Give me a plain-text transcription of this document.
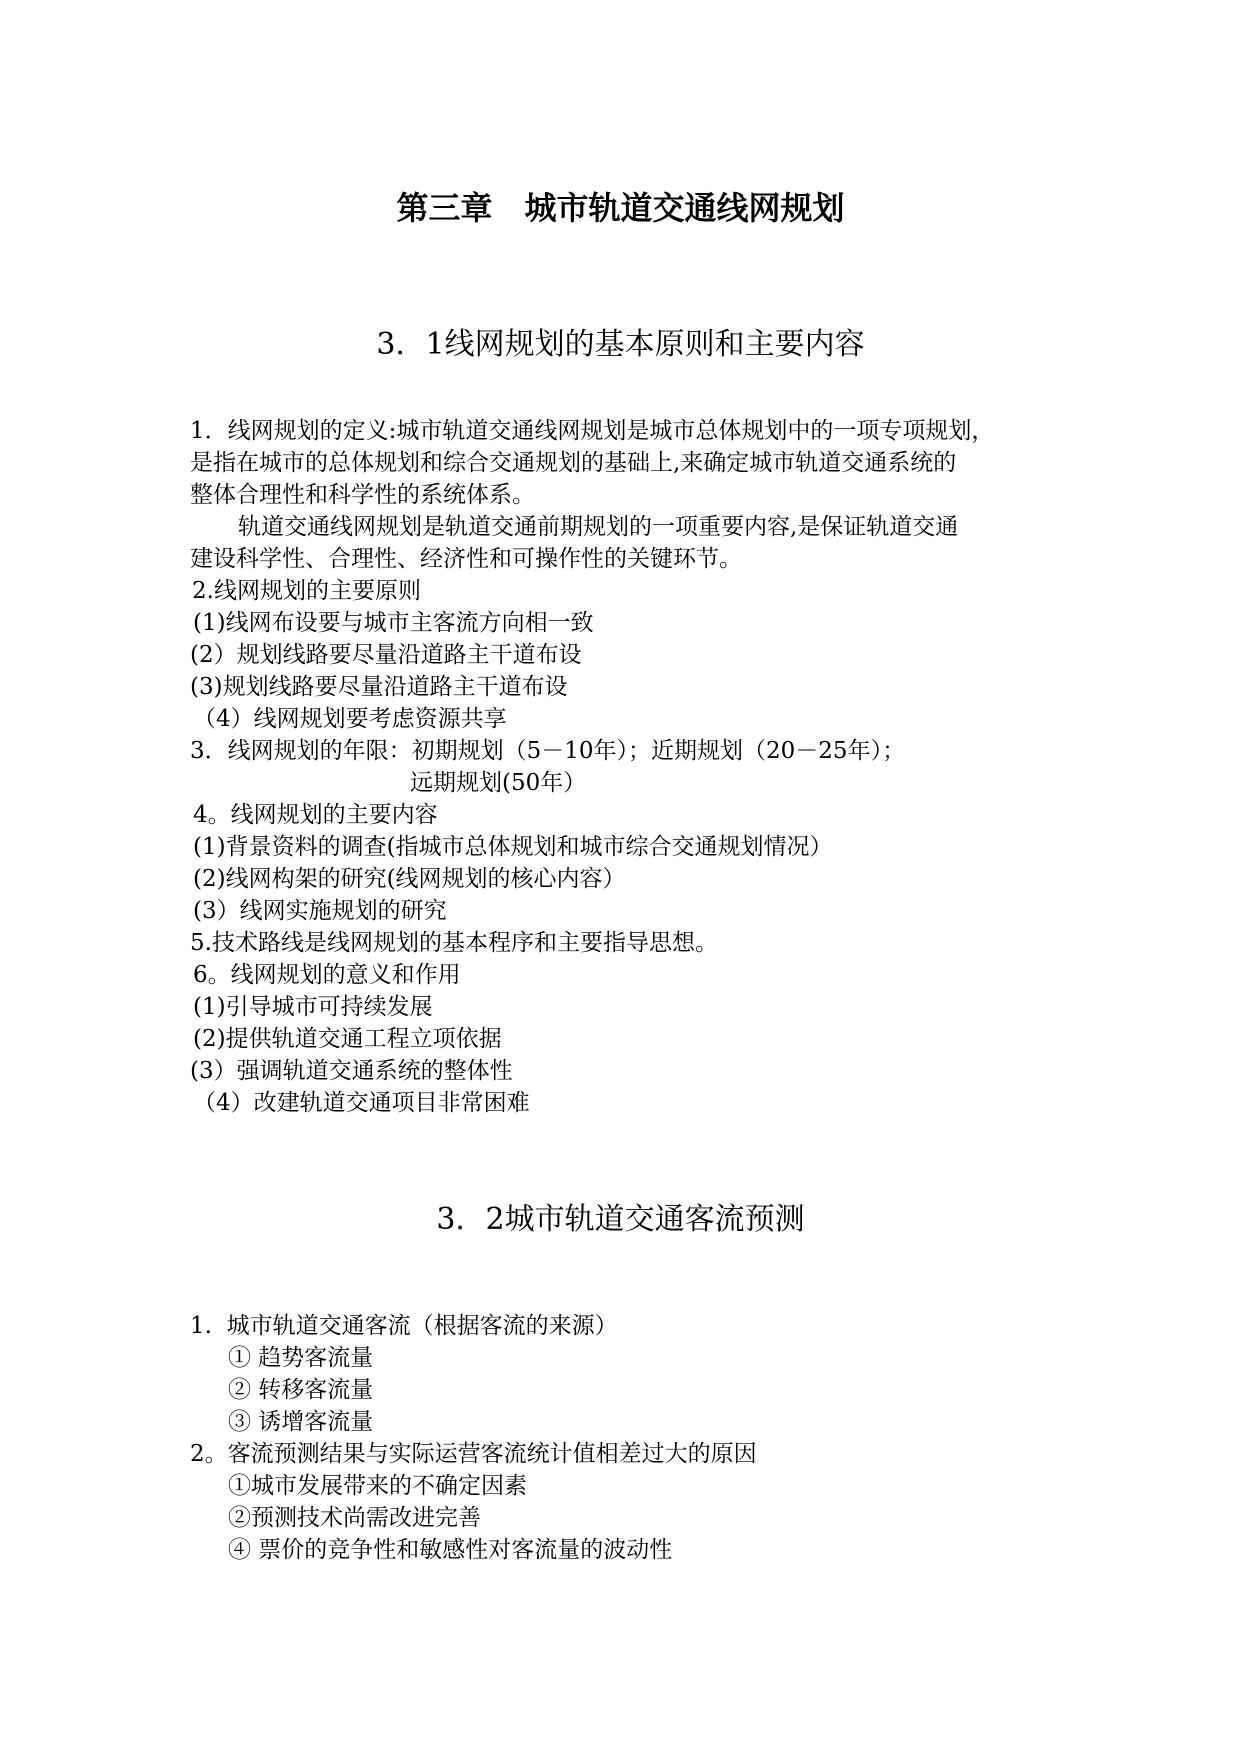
第三章　城市轨道交通线网规划
3．1线网规划的基本原则和主要内容
1．线网规划的定义:城市轨道交通线网规划是城市总体规划中的一项专项规划，
是指在城市的总体规划和综合交通规划的基础上,来确定城市轨道交通系统的
整体合理性和科学性的系统体系。
轨道交通线网规划是轨道交通前期规划的一项重要内容,是保证轨道交通
建设科学性、合理性、经济性和可操作性的关键环节。
2.线网规划的主要原则
(1)线网布设要与城市主客流方向相一致
(2）规划线路要尽量沿道路主干道布设
(3)规划线路要尽量沿道路主干道布设
（4）线网规划要考虑资源共享
3．线网规划的年限：初期规划（5－10年）；近期规划（20－25年）；
远期规划(50年）
4。线网规划的主要内容
(1)背景资料的调查(指城市总体规划和城市综合交通规划情况）
(2)线网构架的研究(线网规划的核心内容）
(3）线网实施规划的研究
5.技术路线是线网规划的基本程序和主要指导思想。
6。线网规划的意义和作用
(1)引导城市可持续发展
(2)提供轨道交通工程立项依据
(3）强调轨道交通系统的整体性
（4）改建轨道交通项目非常困难
3．2城市轨道交通客流预测
1.  城市轨道交通客流（根据客流的来源）
① 趋势客流量
② 转移客流量
③ 诱增客流量
2。客流预测结果与实际运营客流统计值相差过大的原因
①城市发展带来的不确定因素
②预测技术尚需改进完善
④ 票价的竞争性和敏感性对客流量的波动性
